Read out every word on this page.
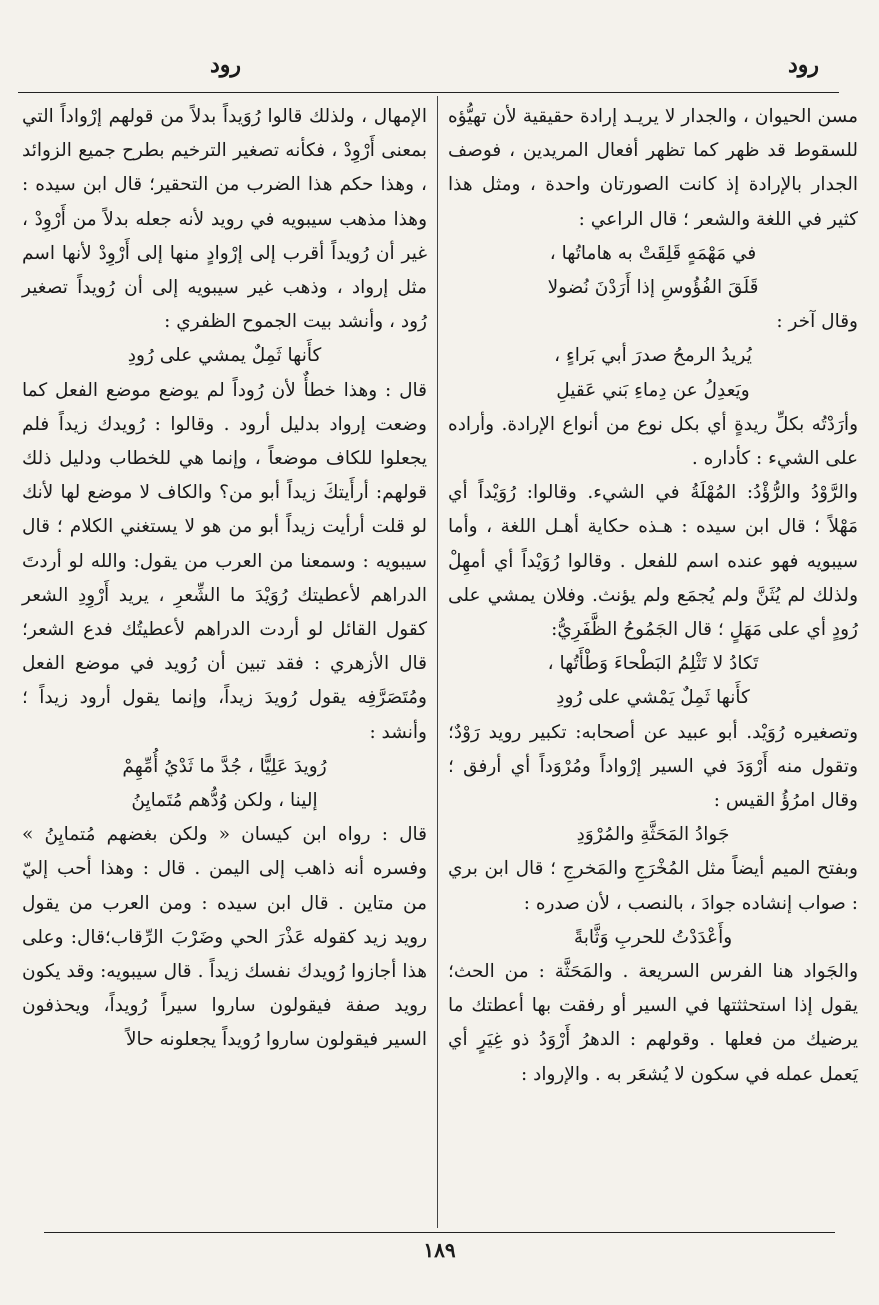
رود
رود

مسن الحيوان ، والجدار لا يريـد إرادة حقيقية لأن تهيُّؤه للسقوط قد ظهر كما تظهر أفعال المريدين ، فوصف الجدار بالإرادة إذ كانت الصورتان واحدة ، ومثل هذا كثير في اللغة والشعر ؛ قال الراعي :

في مَهْمَهٍ قَلِقَتْ به هاماتُها ،
قَلَقَ الفُؤُوسِ إذا أَرَدْنَ نُضولا

وقال آخر :

يُريدُ الرمحُ صدرَ أبي بَراءٍ ،
ويَعدِلُ عن دِماءِ بَني عَقيلِ

وأرَدْتُه بكلِّ ريدةٍ أي بكل نوع من أنواع الإرادة. وأراده على الشيء : كأداره .

والرَّوْدُ والرُّؤْدُ: المُهْلَةُ في الشيء. وقالوا: رُوَيْداً أي مَهْلاً ؛ قال ابن سيده : هـذه حكاية أهـل اللغة ، وأما سيبويه فهو عنده اسم للفعل . وقالوا رُوَيْداً أي أمهِلْ ولذلك لم يُثَنَّ ولم يُجمَع ولم يؤنث. وفلان يمشي على رُودٍ أي على مَهَلٍ ؛ قال الجَمُوحُ الظَّفَرِيُّ:

تَكادُ لا تَثْلِمُ البَطْحاءَ وَطْأَتُها ،
كأَنها ثَمِلٌ يَمْشي على رُودِ

وتصغيره رُوَيْد. أبو عبيد عن أصحابه: تكبير رويد رَوْدٌ؛ وتقول منه أَرْوَدَ في السير إرْواداً ومُرْوَداً أي أرفق ؛ وقال امرُؤُ القيس :

جَوادُ المَحَثَّةِ والمُرْوَدِ

وبفتح الميم أيضاً مثل المُخْرَجِ والمَخرجِ ؛ قال ابن بري : صواب إنشاده جوادَ ، بالنصب ، لأن صدره :

وأَعْدَدْتُ للحربِ وَثَّابةً

والجَواد هنا الفرس السريعة . والمَحَثَّة : من الحث؛ يقول إذا استحثثتها في السير أو رفقت بها أعطتك ما يرضيك من فعلها . وقولهم : الدهرُ أَرْوَدُ ذو غِيَرٍ أي يَعمل عمله في سكون لا يُشعَر به . والإرواد :

الإمهال ، ولذلك قالوا رُوَيداً بدلاً من قولهم إرْواداً التي بمعنى أَرْوِدْ ، فكأنه تصغير الترخيم بطرح جميع الزوائد ، وهذا حكم هذا الضرب من التحقير؛ قال ابن سيده : وهذا مذهب سيبويه في رويد لأنه جعله بدلاً من أَرْوِدْ ، غير أن رُويداً أقرب إلى إرْوادٍ منها إلى أَرْوِدْ لأنها اسم مثل إرواد ، وذهب غير سيبويه إلى أن رُويداً تصغير رُود ، وأنشد بيت الجموح الظفري :

كأَنها ثَمِلٌ يمشي على رُودِ

قال : وهذا خطأٌ لأن رُوداً لم يوضع موضع الفعل كما وضعت إرواد بدليل أرود . وقالوا : رُويدك زيداً فلم يجعلوا للكاف موضعاً ، وإنما هي للخطاب ودليل ذلك قولهم: أرأَيتكَ زيداً أبو من؟ والكاف لا موضع لها لأنك لو قلت أرأيت زيداً أبو من هو لا يستغني الكلام ؛ قال سيبويه : وسمعنا من العرب من يقول: والله لو أردتَ الدراهم لأعطيتك رُوَيْدَ ما الشِّعرِ ، يريد أَرْوِدِ الشعر كقول القائل لو أردت الدراهم لأعطيتُك فدع الشعر؛ قال الأزهري : فقد تبين أن رُويد في موضع الفعل ومُتَصَرَّفِه يقول رُويدَ زيداً، وإنما يقول أرود زيداً ؛ وأنشد :

رُويدَ عَلِيًّا ، جُدَّ ما ثَدْيُ أُمِّهِمْ
إلينا ، ولكن وُدُّهم مُتَمايِنُ

قال : رواه ابن كيسان « ولكن بغضهم مُتمايِنُ » وفسره أنه ذاهب إلى اليمن . قال : وهذا أحب إليّ من متاين . قال ابن سيده : ومن العرب من يقول رويد زيد كقوله عَذْرَ الحي وضَرْبَ الرِّقاب؛قال: وعلى هذا أجازوا رُويدك نفسك زيداً . قال سيبويه: وقد يكون رويد صفة فيقولون ساروا سيراً رُويداً، ويحذفون السير فيقولون ساروا رُويداً يجعلونه حالاً

١٨٩
